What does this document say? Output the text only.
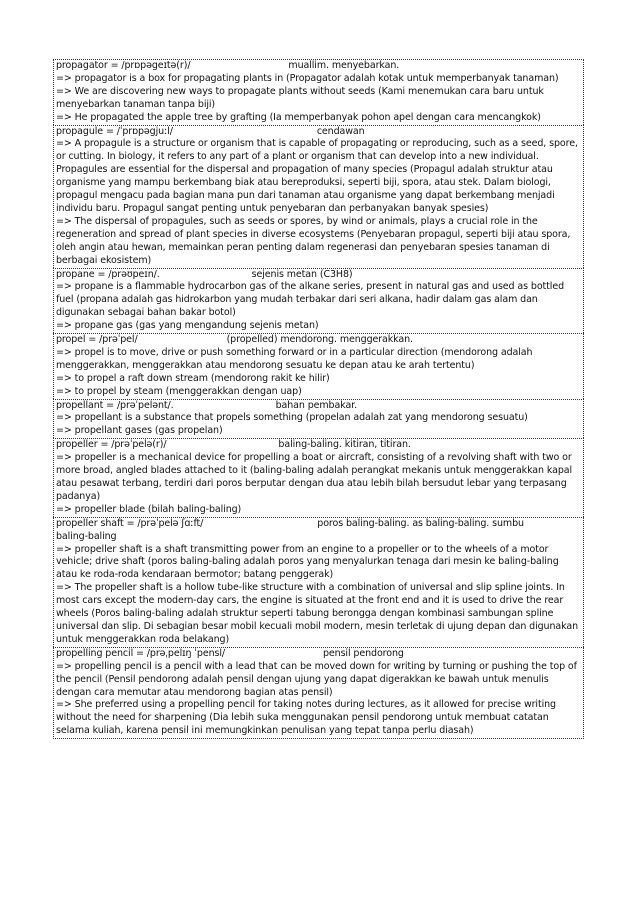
propagator = /prɒpəgeɪtə(r)/	muallim. menyebarkan.

=> propagator is a box for propagating plants in (Propagator adalah kotak untuk memperbanyak tanaman)

=> We are discovering new ways to propagate plants without seeds (Kami menemukan cara baru untuk menyebarkan tanaman tanpa biji)

=> He propagated the apple tree by grafting (Ia memperbanyak pohon apel dengan cara mencangkok)

propagule = /ˈprɒpəgjuːl/	cendawan

=> A propagule is a structure or organism that is capable of propagating or reproducing, such as a seed, spore, or cutting. In biology, it refers to any part of a plant or organism that can develop into a new individual. Propagules are essential for the dispersal and propagation of many species (Propagul adalah struktur atau organisme yang mampu berkembang biak atau bereproduksi, seperti biji, spora, atau stek. Dalam biologi, propagul mengacu pada bagian mana pun dari tanaman atau organisme yang dapat berkembang menjadi individu baru. Propagul sangat penting untuk penyebaran dan perbanyakan banyak spesies)

=> The dispersal of propagules, such as seeds or spores, by wind or animals, plays a crucial role in the regeneration and spread of plant species in diverse ecosystems (Penyebaran propagul, seperti biji atau spora, oleh angin atau hewan, memainkan peran penting dalam regenerasi dan penyebaran spesies tanaman di berbagai ekosistem)

propane = /prəʊpeɪn/.	sejenis metan (C3H8)

=> propane is a flammable hydrocarbon gas of the alkane series, present in natural gas and used as bottled fuel (propana adalah gas hidrokarbon yang mudah terbakar dari seri alkana, hadir dalam gas alam dan digunakan sebagai bahan bakar botol)

=> propane gas (gas yang mengandung sejenis metan)

propel = /prəˈpel/	(propelled) mendorong. menggerakkan.

=> propel is to move, drive or push something forward or in a particular direction (mendorong adalah menggerakkan, menggerakkan atau mendorong sesuatu ke depan atau ke arah tertentu)

=> to propel a raft down stream (mendorong rakit ke hilir)

=> to propel by steam (menggerakkan dengan uap)

propellant = /prəˈpelənt/.	bahan pembakar.

=> propellant is a substance that propels something (propelan adalah zat yang mendorong sesuatu)

=> propellant gases (gas propelan)

propeller = /prəˈpelə(r)/	baling-baling. kitiran, titiran.

=> propeller is a mechanical device for propelling a boat or aircraft, consisting of a revolving shaft with two or more broad, angled blades attached to it (baling-baling adalah perangkat mekanis untuk menggerakkan kapal atau pesawat terbang, terdiri dari poros berputar dengan dua atau lebih bilah bersudut lebar yang terpasang padanya)

=> propeller blade (bilah baling-baling)

propeller shaft = /prəˈpelə ʃɑːft/	poros baling-baling. as baling-baling. sumbu

baling-baling

=> propeller shaft is a shaft transmitting power from an engine to a propeller or to the wheels of a motor vehicle; drive shaft (poros baling-baling adalah poros yang menyalurkan tenaga dari mesin ke baling-baling atau ke roda-roda kendaraan bermotor; batang penggerak)

=> The propeller shaft is a hollow tube-like structure with a combination of universal and slip spline joints. In most cars except the modern-day cars, the engine is situated at the front end and it is used to drive the rear wheels (Poros baling-baling adalah struktur seperti tabung berongga dengan kombinasi sambungan spline universal dan slip. Di sebagian besar mobil kecuali mobil modern, mesin terletak di ujung depan dan digunakan untuk menggerakkan roda belakang)

propelling pencil = /prəˌpelɪŋ ˈpensl/	pensil pendorong

=> propelling pencil is a pencil with a lead that can be moved down for writing by turning or pushing the top of the pencil (Pensil pendorong adalah pensil dengan ujung yang dapat digerakkan ke bawah untuk menulis dengan cara memutar atau mendorong bagian atas pensil)

=> She preferred using a propelling pencil for taking notes during lectures, as it allowed for precise writing without the need for sharpening (Dia lebih suka menggunakan pensil pendorong untuk membuat catatan selama kuliah, karena pensil ini memungkinkan penulisan yang tepat tanpa perlu diasah)
